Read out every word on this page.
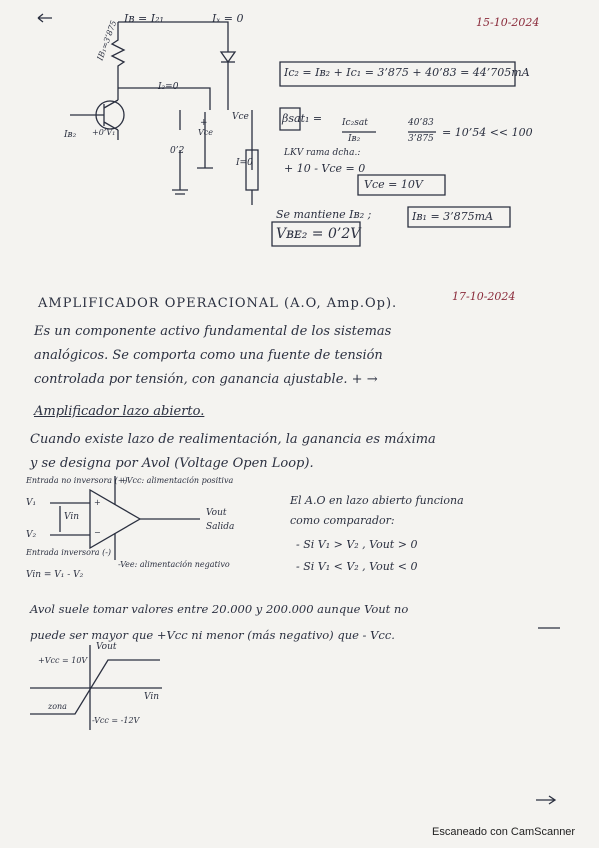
15-10-2024
17-10-2024
Iʙ = I₂₁
IB₁=3’875
Iₓ = 0
I₂=0
Iʙ₂ +0’V₁
Vce
0’2
+
Vсе
I=0
Ic₂ = Iʙ₂ + Ic₁ = 3’875 + 40’83 = 44’705mA
βsat₁ = Ic₂sat
Iʙ₂
40’83
3’875 = 10’54 << 100
LKV rama dcha.:
+ 10 - Vce = 0
Vce = 10V
Se mantiene Iʙ₂ ;	Iʙ₁ = 3’875mA
Vʙᴇ₂ = 0’2V
AMPLIFICADOR OPERACIONAL (A.O, Amp.Op).
Es un componente activo fundamental de los sistemas
analógicos. Se comporta como una fuente de tensión
controlada por tensión, con ganancia ajustable. + →
Amplificador lazo abierto.
Cuando existe lazo de realimentación, la ganancia es máxima
y se designa por Avol (Voltage Open Loop).
Entrada no inversora (+)
+Vcc: alimentación positiva
V₁
Vin
V₂
+
−
Entrada inversora (-)
-Vee: alimentación negativo
Vout
Salida
Vin = V₁ - V₂
El A.O en lazo abierto funciona
como comparador:
- Si V₁ > V₂ , Vout > 0
- Si V₁ < V₂ , Vout < 0
Avol suele tomar valores entre 20.000 y 200.000 aunque Vout no
puede ser mayor que +Vcc ni menor (más negativo) que - Vcc.
Vout
+Vcc = 10V
Vin
-Vcc = -12V
zona
Escaneado con CamScanner
